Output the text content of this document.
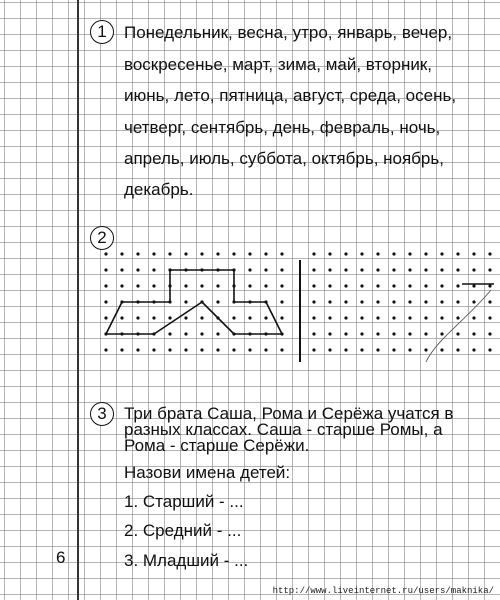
1	Понедельник, весна, утро, январь, вечер,
воскресенье, март, зима, май, вторник,
июнь, лето, пятница, август, среда, осень,
четверг, сентябрь, день, февраль, ночь,
апрель, июль, суббота, октябрь, ноябрь,
декабрь.
2
3	Три брата Саша, Рома и Серёжа учатся в
разных классах. Саша - старше Ромы, а
Рома - старше Серёжи.
Назови имена детей:
1. Старший - ...
2. Средний - ...
3. Младший - ...
6
http://www.liveinternet.ru/users/maknika/
